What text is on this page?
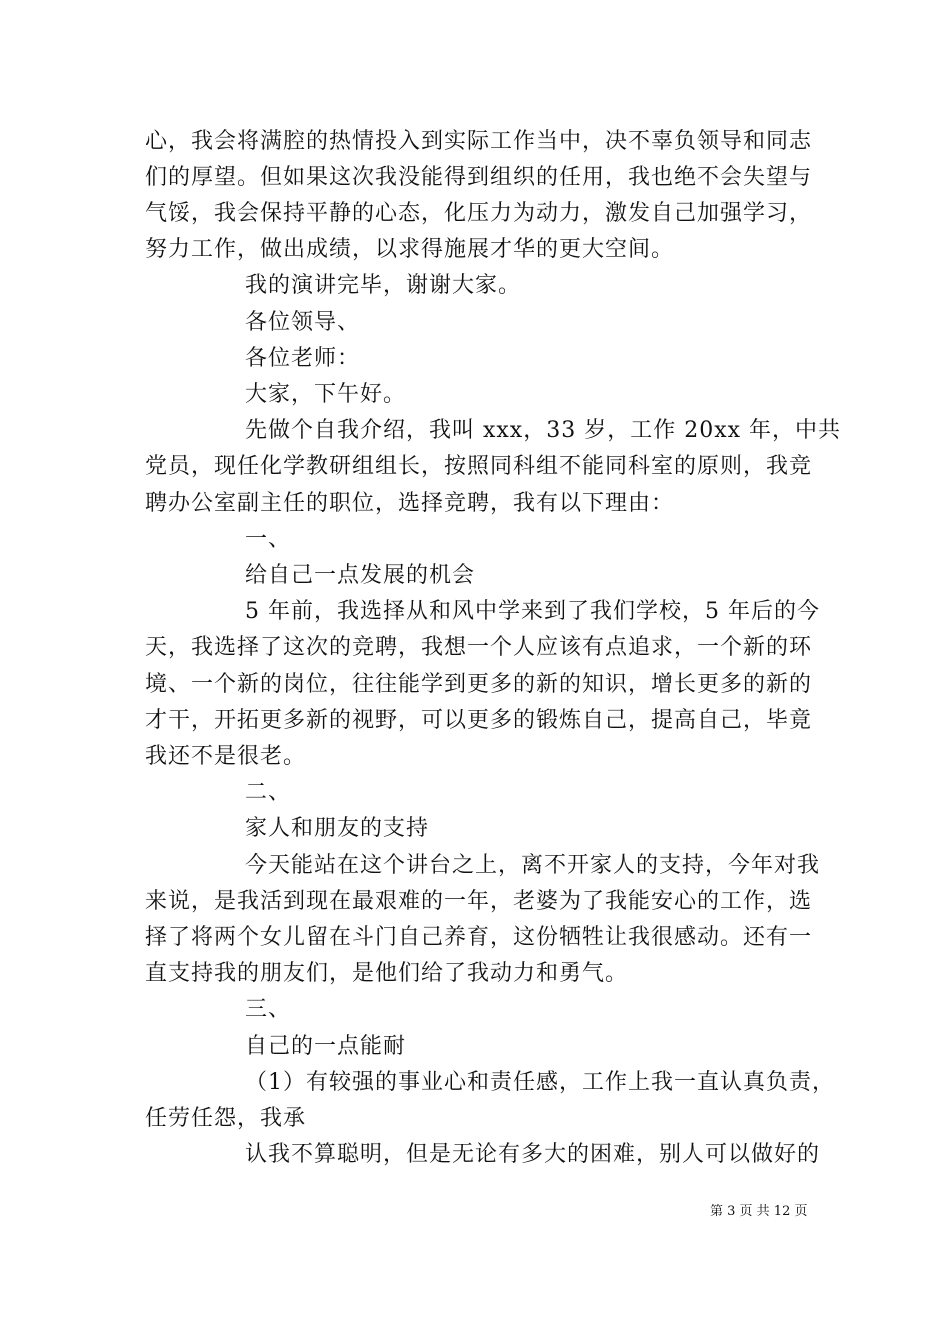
心，我会将满腔的热情投入到实际工作当中，决不辜负领导和同志
们的厚望。但如果这次我没能得到组织的任用，我也绝不会失望与
气馁，我会保持平静的心态，化压力为动力，激发自己加强学习，
努力工作，做出成绩，以求得施展才华的更大空间。
我的演讲完毕，谢谢大家。
各位领导、
各位老师：
大家，下午好。
先做个自我介绍，我叫 xxx，33 岁，工作 20xx 年，中共
党员，现任化学教研组组长，按照同科组不能同科室的原则，我竞
聘办公室副主任的职位，选择竞聘，我有以下理由：
一、
给自己一点发展的机会
5 年前，我选择从和风中学来到了我们学校，5 年后的今
天，我选择了这次的竞聘，我想一个人应该有点追求，一个新的环
境、一个新的岗位，往往能学到更多的新的知识，增长更多的新的
才干，开拓更多新的视野，可以更多的锻炼自己，提高自己，毕竟
我还不是很老。
二、
家人和朋友的支持
今天能站在这个讲台之上，离不开家人的支持，今年对我
来说，是我活到现在最艰难的一年，老婆为了我能安心的工作，选
择了将两个女儿留在斗门自己养育，这份牺牲让我很感动。还有一
直支持我的朋友们，是他们给了我动力和勇气。
三、
自己的一点能耐
（1）有较强的事业心和责任感，工作上我一直认真负责，
任劳任怨，我承
认我不算聪明，但是无论有多大的困难，别人可以做好的
第 3 页 共 12 页
